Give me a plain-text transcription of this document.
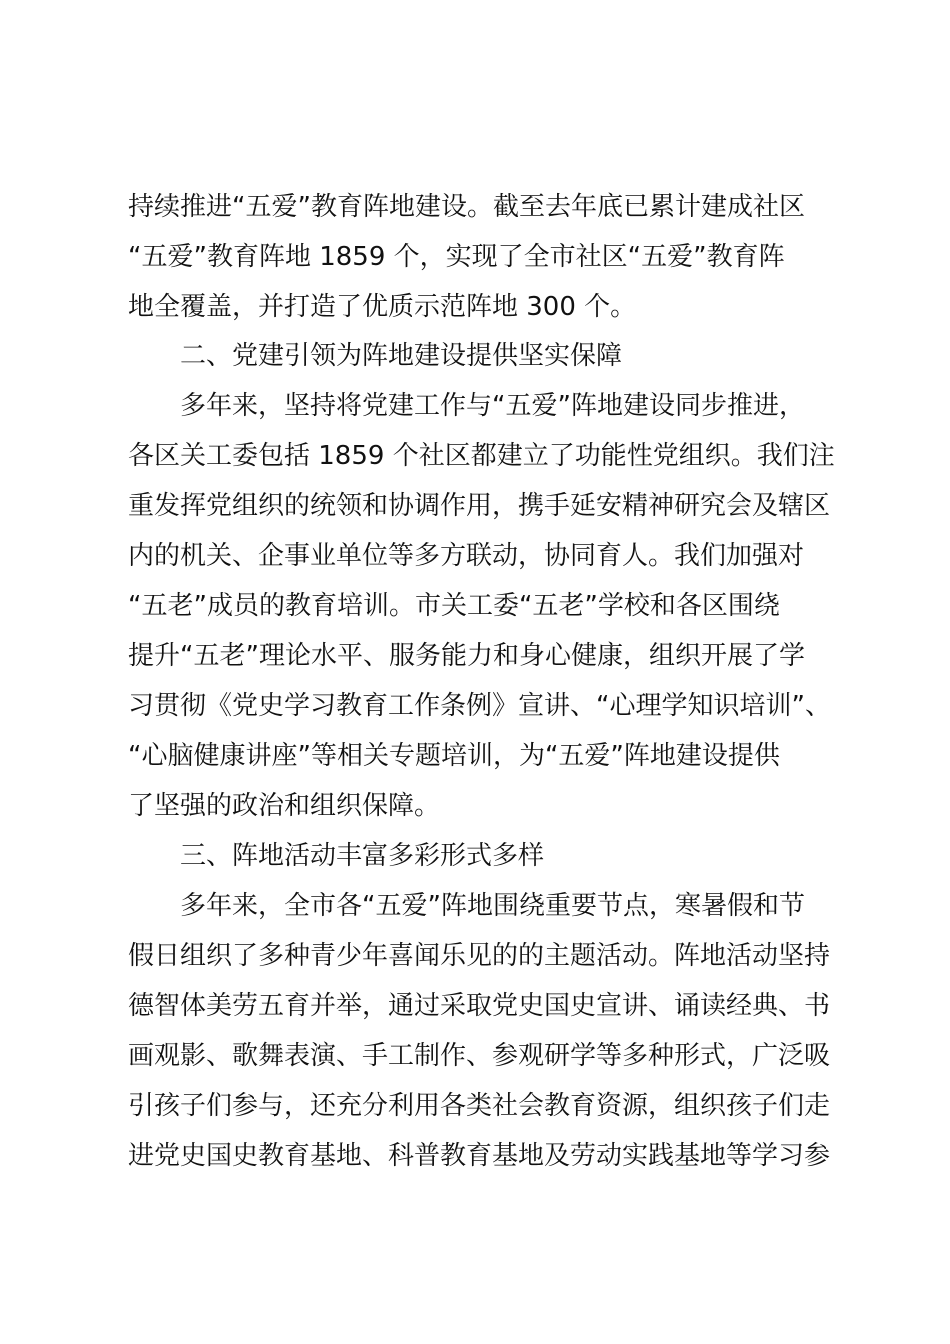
持续推进“五爱”教育阵地建设。截至去年底已累计建成社区
“五爱”教育阵地 1859 个，实现了全市社区“五爱”教育阵
地全覆盖，并打造了优质示范阵地 300 个。
二、党建引领为阵地建设提供坚实保障
多年来，坚持将党建工作与“五爱”阵地建设同步推进，
各区关工委包括 1859 个社区都建立了功能性党组织。我们注
重发挥党组织的统领和协调作用，携手延安精神研究会及辖区
内的机关、企事业单位等多方联动，协同育人。我们加强对
“五老”成员的教育培训。市关工委“五老”学校和各区围绕
提升“五老”理论水平、服务能力和身心健康，组织开展了学
习贯彻《党史学习教育工作条例》宣讲、“心理学知识培训”、
“心脑健康讲座”等相关专题培训，为“五爱”阵地建设提供
了坚强的政治和组织保障。
三、阵地活动丰富多彩形式多样
多年来，全市各“五爱”阵地围绕重要节点，寒暑假和节
假日组织了多种青少年喜闻乐见的的主题活动。阵地活动坚持
德智体美劳五育并举，通过采取党史国史宣讲、诵读经典、书
画观影、歌舞表演、手工制作、参观研学等多种形式，广泛吸
引孩子们参与，还充分利用各类社会教育资源，组织孩子们走
进党史国史教育基地、科普教育基地及劳动实践基地等学习参
